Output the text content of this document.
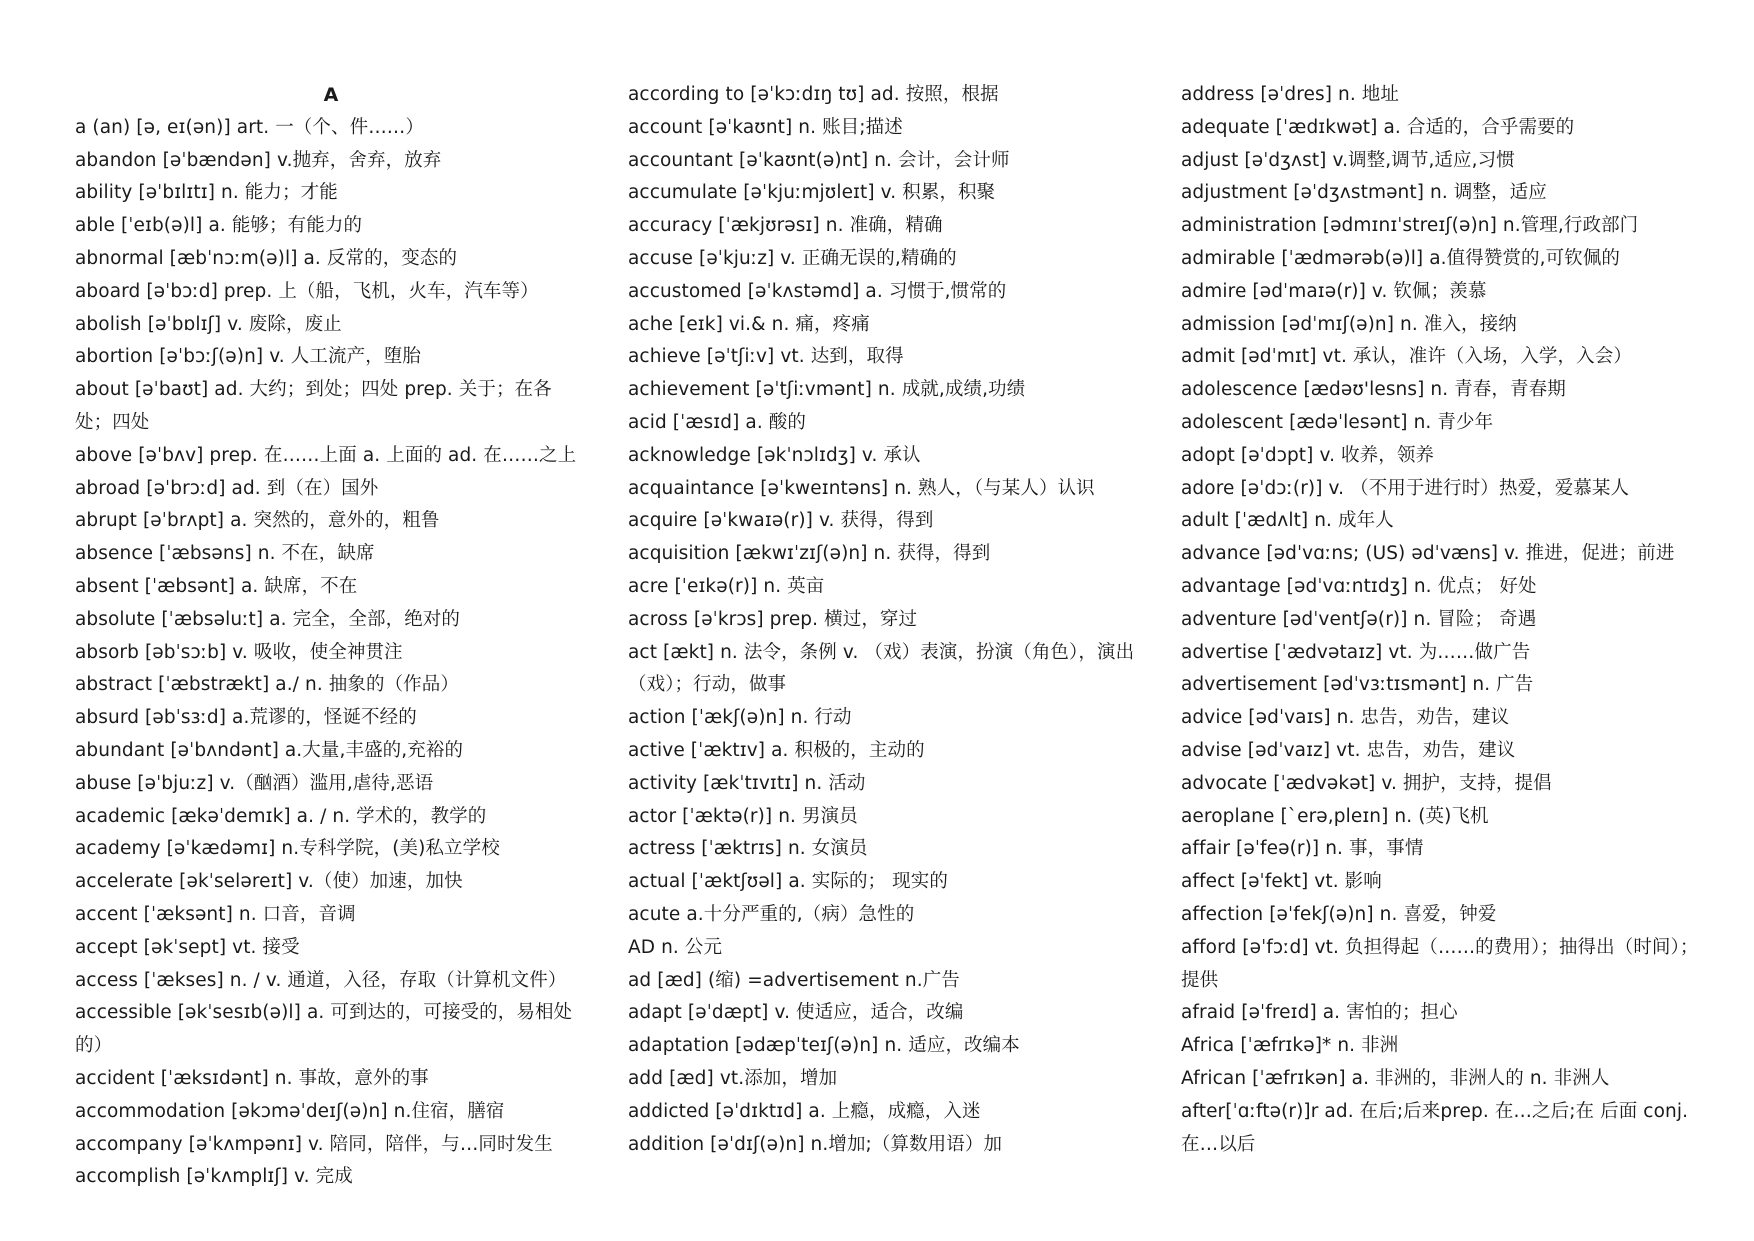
A
a (an) [ə, eɪ(ən)] art. 一（个、件……）
abandon [əˈbændən] v.抛弃，舍弃，放弃
ability [əˈbɪlɪtɪ] n. 能力；才能
able [ˈeɪb(ə)l] a. 能够；有能力的
abnormal [æbˈnɔːm(ə)l] a. 反常的，变态的
aboard [əˈbɔːd] prep. 上（船，飞机，火车，汽车等）
abolish [əˈbɒlɪʃ] v. 废除，废止
abortion [əˈbɔːʃ(ə)n] v. 人工流产，堕胎
about [əˈbaʊt] ad. 大约；到处；四处 prep. 关于；在各处；四处
above [əˈbʌv] prep. 在……上面 a. 上面的 ad. 在……之上
abroad [əˈbrɔːd] ad. 到（在）国外
abrupt [əˈbrʌpt] a. 突然的，意外的，粗鲁
absence [ˈæbsəns] n. 不在，缺席
absent [ˈæbsənt] a. 缺席，不在
absolute [ˈæbsəluːt] a. 完全，全部，绝对的
absorb [əbˈsɔːb] v. 吸收，使全神贯注
abstract [ˈæbstrækt] a./ n. 抽象的（作品）
absurd [əbˈsɜːd] a.荒谬的，怪诞不经的
abundant [əˈbʌndənt] a.大量,丰盛的,充裕的
abuse [əˈbjuːz] v.（酗酒）滥用,虐待,恶语
academic [ækəˈdemɪk] a. / n. 学术的，教学的
academy [əˈkædəmɪ] n.专科学院，(美)私立学校
accelerate [əkˈseləreɪt] v.（使）加速，加快
accent [ˈæksənt] n. 口音，音调
accept [əkˈsept] vt. 接受
access [ˈækses] n. / v. 通道，入径，存取（计算机文件）
accessible [əkˈsesɪb(ə)l] a. 可到达的，可接受的，易相处的）
accident [ˈæksɪdənt] n. 事故，意外的事
accommodation [əkɔməˈdeɪʃ(ə)n] n.住宿，膳宿
accompany [əˈkʌmpənɪ] v. 陪同，陪伴，与…同时发生
accomplish [əˈkʌmplɪʃ] v. 完成
according to [əˈkɔːdɪŋ tʊ] ad. 按照，根据
account [əˈkaʊnt] n. 账目;描述
accountant [əˈkaʊnt(ə)nt] n. 会计，会计师
accumulate [əˈkjuːmjʊleɪt] v. 积累，积聚
accuracy [ˈækjʊrəsɪ] n. 准确，精确
accuse [əˈkjuːz] v. 正确无误的,精确的
accustomed [əˈkʌstəmd] a. 习惯于,惯常的
ache [eɪk] vi.& n. 痛，疼痛
achieve [əˈtʃiːv] vt. 达到，取得
achievement [əˈtʃiːvmənt] n. 成就,成绩,功绩
acid [ˈæsɪd] a. 酸的
acknowledge [əkˈnɔlɪdʒ] v. 承认
acquaintance [əˈkweɪntəns] n. 熟人，（与某人）认识
acquire [əˈkwaɪə(r)] v. 获得，得到
acquisition [ækwɪˈzɪʃ(ə)n] n. 获得，得到
acre [ˈeɪkə(r)] n. 英亩
across [əˈkrɔs] prep. 横过，穿过
act [ækt] n. 法令，条例 v. （戏）表演，扮演（角色），演出（戏）；行动，做事
action [ˈækʃ(ə)n] n. 行动
active [ˈæktɪv] a. 积极的，主动的
activity [ækˈtɪvɪtɪ] n. 活动
actor [ˈæktə(r)] n. 男演员
actress [ˈæktrɪs] n. 女演员
actual [ˈæktʃʊəl] a. 实际的； 现实的
acute a.十分严重的,（病）急性的
AD n. 公元
ad [æd] (缩) =advertisement n.广告
adapt [əˈdæpt] v. 使适应，适合，改编
adaptation [ədæpˈteɪʃ(ə)n] n. 适应，改编本
add [æd] vt.添加，增加
addicted [əˈdɪktɪd] a. 上瘾，成瘾，入迷
addition [əˈdɪʃ(ə)n] n.增加;（算数用语）加
address [əˈdres] n. 地址
adequate [ˈædɪkwət] a. 合适的，合乎需要的
adjust [əˈdʒʌst] v.调整,调节,适应,习惯
adjustment [əˈdʒʌstmənt] n. 调整，适应
administration [ədmɪnɪˈstreɪʃ(ə)n] n.管理,行政部门
admirable [ˈædmərəb(ə)l] a.值得赞赏的,可钦佩的
admire [ədˈmaɪə(r)] v. 钦佩；羡慕
admission [ədˈmɪʃ(ə)n] n. 准入，接纳
admit [ədˈmɪt] vt. 承认，准许（入场，入学，入会）
adolescence [ædəʊ'lesns] n. 青春，青春期
adolescent [ædəˈlesənt] n. 青少年
adopt [əˈdɔpt] v. 收养，领养
adore [əˈdɔː(r)] v. （不用于进行时）热爱，爱慕某人
adult [ˈædʌlt] n. 成年人
advance [ədˈvɑːns; (US) ədˈvæns] v. 推进，促进；前进
advantage [ədˈvɑːntɪdʒ] n. 优点； 好处
adventure [ədˈventʃə(r)] n. 冒险； 奇遇
advertise [ˈædvətaɪz] vt. 为……做广告
advertisement [ədˈvɜːtɪsmənt] n. 广告
advice [ədˈvaɪs] n. 忠告，劝告，建议
advise [ədˈvaɪz] vt. 忠告，劝告，建议
advocate [ˈædvəkət] v. 拥护，支持，提倡
aeroplane [`erə,pleɪn] n. (英)飞机
affair [əˈfeə(r)] n. 事，事情
affect [əˈfekt] vt. 影响
affection [əˈfekʃ(ə)n] n. 喜爱，钟爱
afford [əˈfɔːd] vt. 负担得起（……的费用）；抽得出（时间）；提供
afraid [əˈfreɪd] a. 害怕的；担心
Africa [ˈæfrɪkə]* n. 非洲
African [ˈæfrɪkən] a. 非洲的，非洲人的 n. 非洲人
after[ˈɑːftə(r)]r ad. 在后;后来prep. 在…之后;在 后面 conj. 在…以后
